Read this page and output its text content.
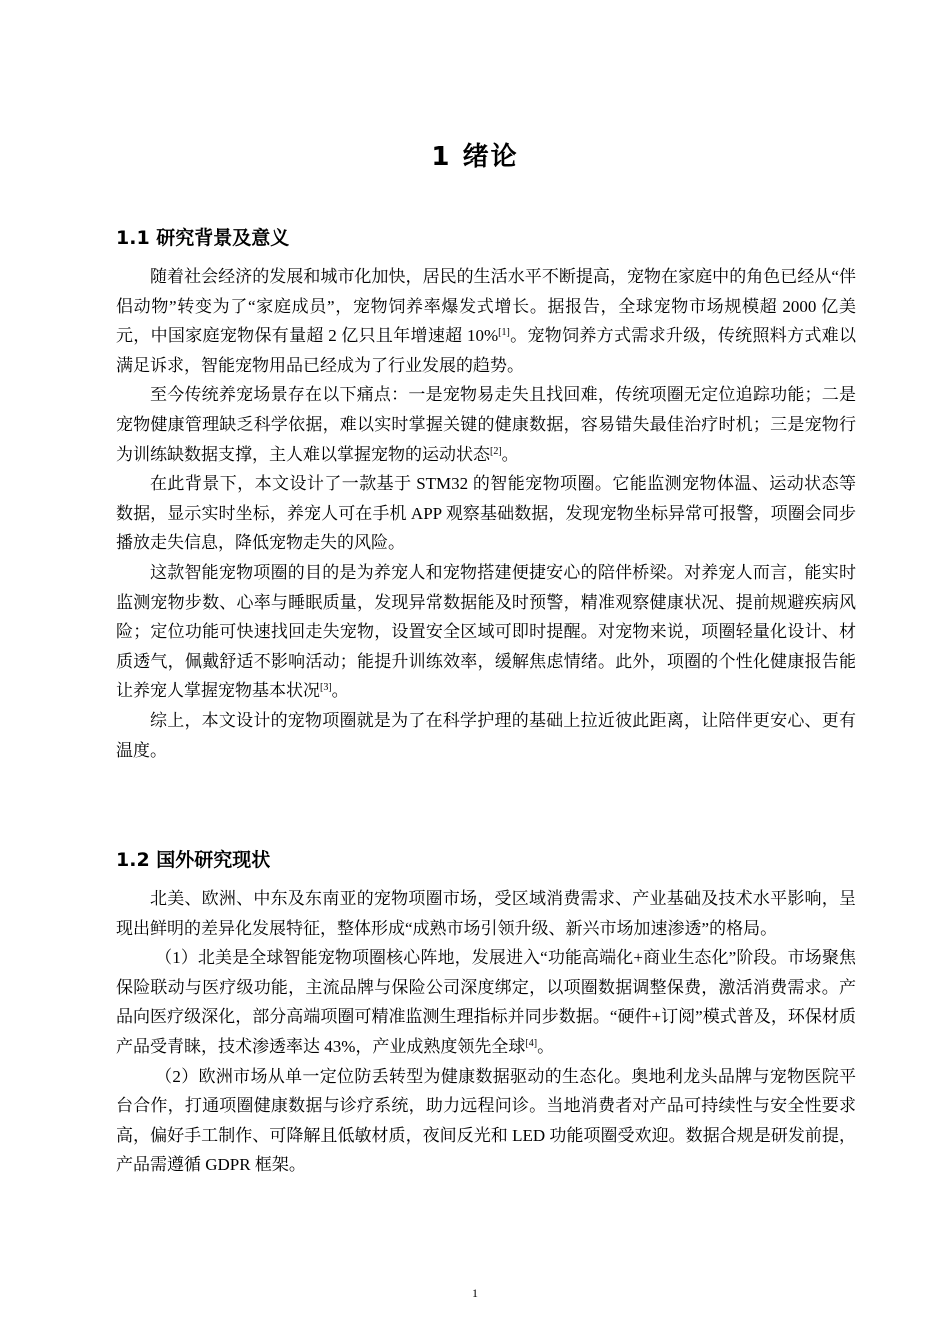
1 绪论
1.1 研究背景及意义

随着社会经济的发展和城市化加快，居民的生活水平不断提高，宠物在家庭中的角色已经从“伴侣动物”转变为了“家庭成员”，宠物饲养率爆发式增长。据报告，全球宠物市场规模超 2000 亿美元，中国家庭宠物保有量超 2 亿只且年增速超 10%[1]。宠物饲养方式需求升级，传统照料方式难以满足诉求，智能宠物用品已经成为了行业发展的趋势。

至今传统养宠场景存在以下痛点：一是宠物易走失且找回难，传统项圈无定位追踪功能；二是宠物健康管理缺乏科学依据，难以实时掌握关键的健康数据，容易错失最佳治疗时机；三是宠物行为训练缺数据支撑，主人难以掌握宠物的运动状态[2]。

在此背景下，本文设计了一款基于 STM32 的智能宠物项圈。它能监测宠物体温、运动状态等数据，显示实时坐标，养宠人可在手机 APP 观察基础数据，发现宠物坐标异常可报警，项圈会同步播放走失信息，降低宠物走失的风险。

这款智能宠物项圈的目的是为养宠人和宠物搭建便捷安心的陪伴桥梁。对养宠人而言，能实时监测宠物步数、心率与睡眠质量，发现异常数据能及时预警，精准观察健康状况、提前规避疾病风险；定位功能可快速找回走失宠物，设置安全区域可即时提醒。对宠物来说，项圈轻量化设计、材质透气，佩戴舒适不影响活动；能提升训练效率，缓解焦虑情绪。此外，项圈的个性化健康报告能让养宠人掌握宠物基本状况[3]。

综上，本文设计的宠物项圈就是为了在科学护理的基础上拉近彼此距离，让陪伴更安心、更有温度。

1.2 国外研究现状

北美、欧洲、中东及东南亚的宠物项圈市场，受区域消费需求、产业基础及技术水平影响，呈现出鲜明的差异化发展特征，整体形成“成熟市场引领升级、新兴市场加速渗透”的格局。

（1）北美是全球智能宠物项圈核心阵地，发展进入“功能高端化+商业生态化”阶段。市场聚焦保险联动与医疗级功能，主流品牌与保险公司深度绑定，以项圈数据调整保费，激活消费需求。产品向医疗级深化，部分高端项圈可精准监测生理指标并同步数据。“硬件+订阅”模式普及，环保材质产品受青睐，技术渗透率达 43%，产业成熟度领先全球[4]。

（2）欧洲市场从单一定位防丢转型为健康数据驱动的生态化。奥地利龙头品牌与宠物医院平台合作，打通项圈健康数据与诊疗系统，助力远程问诊。当地消费者对产品可持续性与安全性要求高，偏好手工制作、可降解且低敏材质，夜间反光和 LED 功能项圈受欢迎。数据合规是研发前提，产品需遵循 GDPR 框架。

1
